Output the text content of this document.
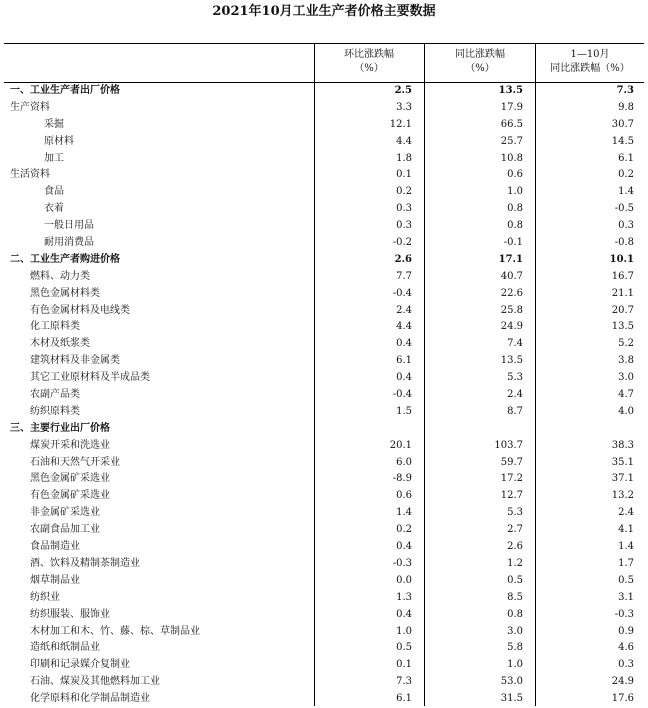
2021年10月工业生产者价格主要数据
环比涨跌幅
（%）
同比涨跌幅
（%）
1—10月
同比涨跌幅（%）
一、工业生产者出厂价格	2.5	13.5	7.3
生产资料	3.3	17.9	9.8
采掘	12.1	66.5	30.7
原材料	4.4	25.7	14.5
加工	1.8	10.8	6.1
生活资料	0.1	0.6	0.2
食品	0.2	1.0	1.4
衣着	0.3	0.8	-0.5
一般日用品	0.3	0.8	0.3
耐用消费品	-0.2	-0.1	-0.8
二、工业生产者购进价格	2.6	17.1	10.1
燃料、动力类	7.7	40.7	16.7
黑色金属材料类	-0.4	22.6	21.1
有色金属材料及电线类	2.4	25.8	20.7
化工原料类	4.4	24.9	13.5
木材及纸浆类	0.4	7.4	5.2
建筑材料及非金属类	6.1	13.5	3.8
其它工业原材料及半成品类	0.4	5.3	3.0
农副产品类	-0.4	2.4	4.7
纺织原料类	1.5	8.7	4.0
三、主要行业出厂价格
煤炭开采和洗选业	20.1	103.7	38.3
石油和天然气开采业	6.0	59.7	35.1
黑色金属矿采选业	-8.9	17.2	37.1
有色金属矿采选业	0.6	12.7	13.2
非金属矿采选业	1.4	5.3	2.4
农副食品加工业	0.2	2.7	4.1
食品制造业	0.4	2.6	1.4
酒、饮料及精制茶制造业	-0.3	1.2	1.7
烟草制品业	0.0	0.5	0.5
纺织业	1.3	8.5	3.1
纺织服装、服饰业	0.4	0.8	-0.3
木材加工和木、竹、藤、棕、草制品业	1.0	3.0	0.9
造纸和纸制品业	0.5	5.8	4.6
印刷和记录媒介复制业	0.1	1.0	0.3
石油、煤炭及其他燃料加工业	7.3	53.0	24.9
化学原料和化学制品制造业	6.1	31.5	17.6
